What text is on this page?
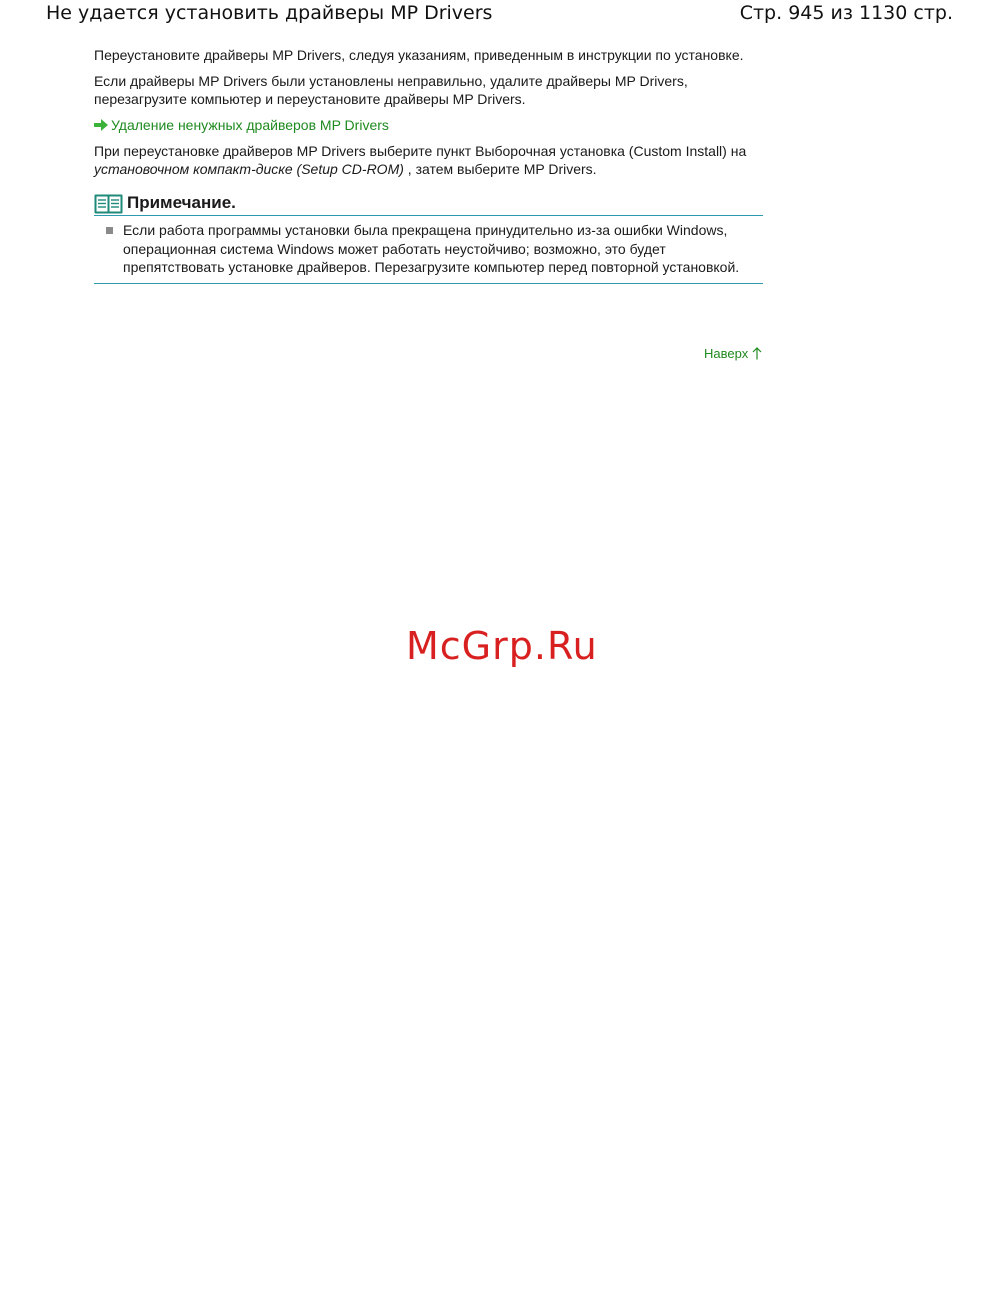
Не удается установить драйверы MP Drivers	Стр. 945 из 1130 стр.

Переустановите драйверы MP Drivers, следуя указаниям, приведенным в инструкции по установке.

Если драйверы MP Drivers были установлены неправильно, удалите драйверы MP Drivers, перезагрузите компьютер и переустановите драйверы MP Drivers.

Удаление ненужных драйверов MP Drivers

При переустановке драйверов MP Drivers выберите пункт Выборочная установка (Custom Install) на установочном компакт-диске (Setup CD-ROM) , затем выберите MP Drivers.

Примечание.
Если работа программы установки была прекращена принудительно из-за ошибки Windows, операционная система Windows может работать неустойчиво; возможно, это будет препятствовать установке драйверов. Перезагрузите компьютер перед повторной установкой.
Наверх
McGrp.Ru
